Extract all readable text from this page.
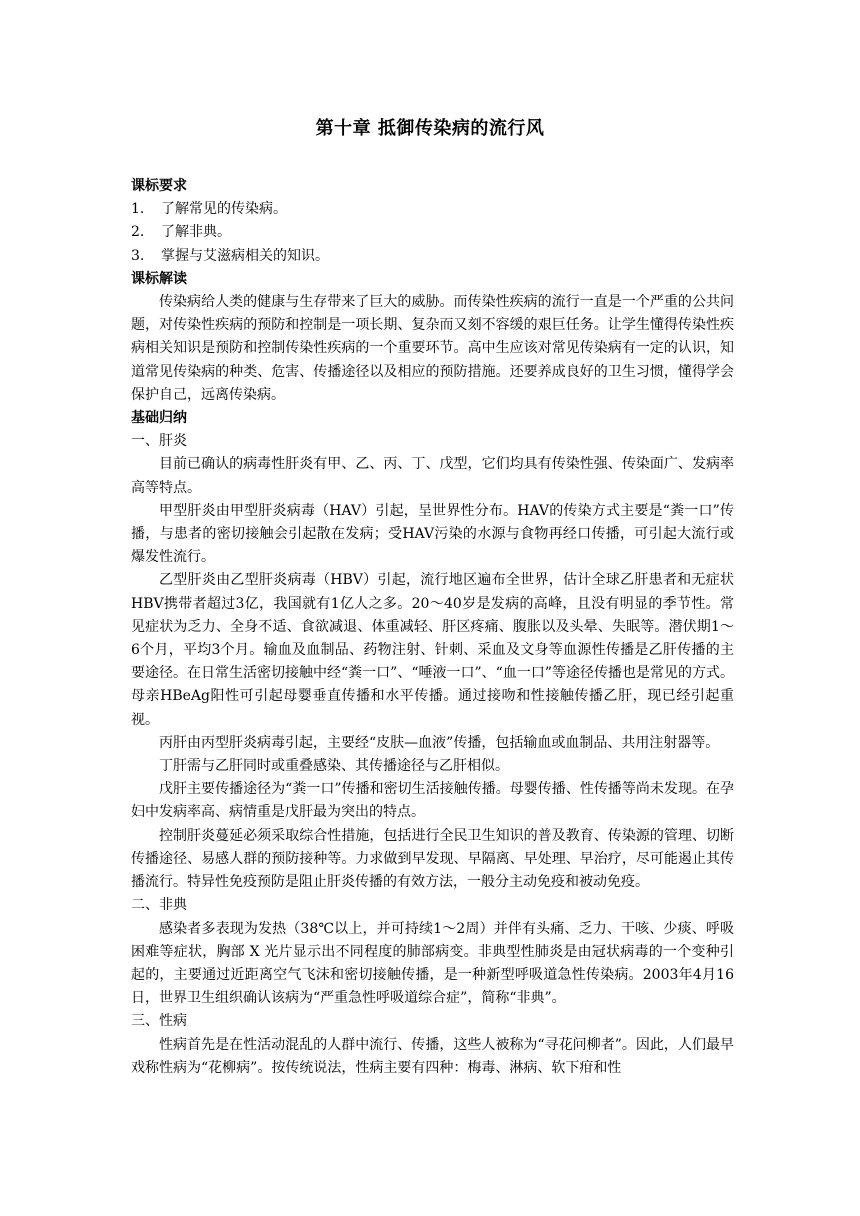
第十章 抵御传染病的流行风

课标要求

1.	了解常见的传染病。
2.	了解非典。
3.	掌握与艾滋病相关的知识。

课标解读

传染病给人类的健康与生存带来了巨大的威胁。而传染性疾病的流行一直是一个严重的公共问题，对传染性疾病的预防和控制是一项长期、复杂而又刻不容缓的艰巨任务。让学生懂得传染性疾病相关知识是预防和控制传染性疾病的一个重要环节。高中生应该对常见传染病有一定的认识，知道常见传染病的种类、危害、传播途径以及相应的预防措施。还要养成良好的卫生习惯，懂得学会保护自己，远离传染病。

基础归纳

一、肝炎

目前已确认的病毒性肝炎有甲、乙、丙、丁、戊型，它们均具有传染性强、传染面广、发病率高等特点。

甲型肝炎由甲型肝炎病毒（HAV）引起，呈世界性分布。HAV的传染方式主要是“粪一口”传播，与患者的密切接触会引起散在发病；受HAV污染的水源与食物再经口传播，可引起大流行或爆发性流行。

乙型肝炎由乙型肝炎病毒（HBV）引起，流行地区遍布全世界，估计全球乙肝患者和无症状HBV携带者超过3亿，我国就有1亿人之多。20～40岁是发病的高峰，且没有明显的季节性。常见症状为乏力、全身不适、食欲减退、体重减轻、肝区疼痛、腹胀以及头晕、失眠等。潜伏期1～6个月，平均3个月。输血及血制品、药物注射、针刺、采血及文身等血源性传播是乙肝传播的主要途径。在日常生活密切接触中经“粪一口”、“唾液一口”、“血一口”等途径传播也是常见的方式。母亲HBeAg阳性可引起母婴垂直传播和水平传播。通过接吻和性接触传播乙肝，现已经引起重视。

丙肝由丙型肝炎病毒引起，主要经“皮肤—血液”传播，包括输血或血制品、共用注射器等。

丁肝需与乙肝同时或重叠感染、其传播途径与乙肝相似。

戊肝主要传播途径为“粪一口”传播和密切生活接触传播。母婴传播、性传播等尚未发现。在孕妇中发病率高、病情重是戊肝最为突出的特点。

控制肝炎蔓延必须采取综合性措施，包括进行全民卫生知识的普及教育、传染源的管理、切断传播途径、易感人群的预防接种等。力求做到早发现、早隔离、早处理、早治疗，尽可能遏止其传播流行。特异性免疫预防是阻止肝炎传播的有效方法，一般分主动免疫和被动免疫。

二、非典

感染者多表现为发热（38℃以上，并可持续1～2周）并伴有头痛、乏力、干咳、少痰、呼吸困难等症状，胸部 X 光片显示出不同程度的肺部病变。非典型性肺炎是由冠状病毒的一个变种引起的，主要通过近距离空气飞沫和密切接触传播，是一种新型呼吸道急性传染病。2003年4月16日，世界卫生组织确认该病为“严重急性呼吸道综合症”，简称“非典”。

三、性病

性病首先是在性活动混乱的人群中流行、传播，这些人被称为“寻花问柳者”。因此，人们最早戏称性病为“花柳病”。按传统说法，性病主要有四种：梅毒、淋病、软下疳和性
